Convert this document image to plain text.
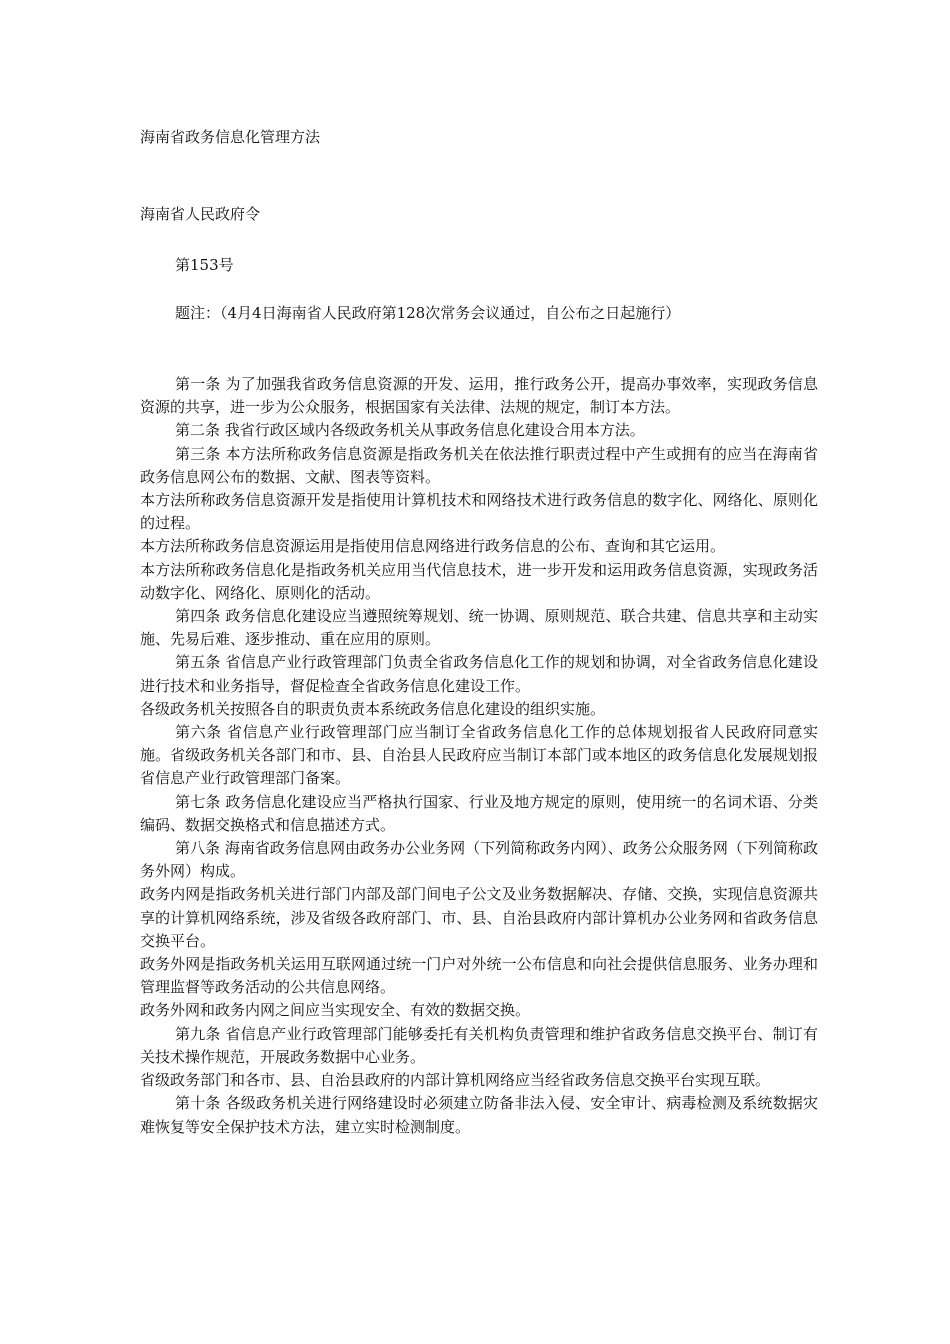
海南省政务信息化管理方法
海南省人民政府令
第153号
题注：（4月4日海南省人民政府第128次常务会议通过，自公布之日起施行）

第一条 为了加强我省政务信息资源的开发、运用，推行政务公开，提高办事效率，实现政务信息资源的共享，进一步为公众服务，根据国家有关法律、法规的规定，制订本方法。

第二条 我省行政区域内各级政务机关从事政务信息化建设合用本方法。

第三条 本方法所称政务信息资源是指政务机关在依法推行职责过程中产生或拥有的应当在海南省政务信息网公布的数据、文献、图表等资料。

本方法所称政务信息资源开发是指使用计算机技术和网络技术进行政务信息的数字化、网络化、原则化的过程。

本方法所称政务信息资源运用是指使用信息网络进行政务信息的公布、查询和其它运用。

本方法所称政务信息化是指政务机关应用当代信息技术，进一步开发和运用政务信息资源，实现政务活动数字化、网络化、原则化的活动。

第四条 政务信息化建设应当遵照统筹规划、统一协调、原则规范、联合共建、信息共享和主动实施、先易后难、逐步推动、重在应用的原则。

第五条 省信息产业行政管理部门负责全省政务信息化工作的规划和协调，对全省政务信息化建设进行技术和业务指导，督促检查全省政务信息化建设工作。

各级政务机关按照各自的职责负责本系统政务信息化建设的组织实施。

第六条 省信息产业行政管理部门应当制订全省政务信息化工作的总体规划报省人民政府同意实施。省级政务机关各部门和市、县、自治县人民政府应当制订本部门或本地区的政务信息化发展规划报省信息产业行政管理部门备案。

第七条 政务信息化建设应当严格执行国家、行业及地方规定的原则，使用统一的名词术语、分类编码、数据交换格式和信息描述方式。

第八条 海南省政务信息网由政务办公业务网（下列简称政务内网）、政务公众服务网（下列简称政务外网）构成。

政务内网是指政务机关进行部门内部及部门间电子公文及业务数据解决、存储、交换，实现信息资源共享的计算机网络系统，涉及省级各政府部门、市、县、自治县政府内部计算机办公业务网和省政务信息交换平台。

政务外网是指政务机关运用互联网通过统一门户对外统一公布信息和向社会提供信息服务、业务办理和管理监督等政务活动的公共信息网络。

政务外网和政务内网之间应当实现安全、有效的数据交换。

第九条 省信息产业行政管理部门能够委托有关机构负责管理和维护省政务信息交换平台、制订有关技术操作规范，开展政务数据中心业务。

省级政务部门和各市、县、自治县政府的内部计算机网络应当经省政务信息交换平台实现互联。

第十条 各级政务机关进行网络建设时必须建立防备非法入侵、安全审计、病毒检测及系统数据灾难恢复等安全保护技术方法，建立实时检测制度。
